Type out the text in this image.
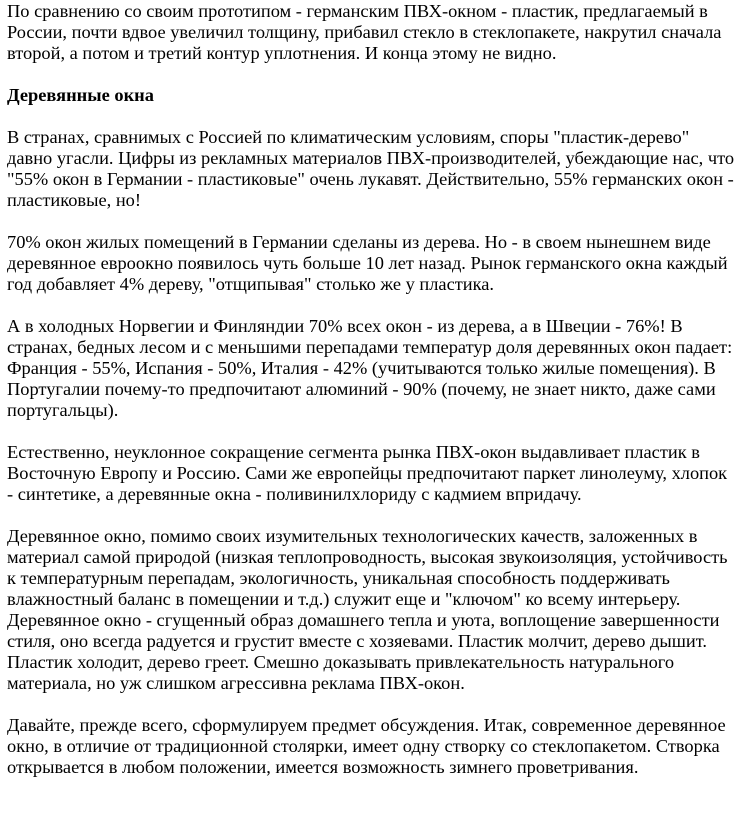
По сравнению со своим прототипом - германским ПВХ-окном - пластик, предлагаемый в России, почти вдвое увеличил толщину, прибавил стекло в стеклопакете, накрутил сначала второй, а потом и третий контур уплотнения. И конца этому не видно.

Деревянные окна

В странах, сравнимых с Россией по климатическим условиям, споры "пластик-дерево" давно угасли. Цифры из рекламных материалов ПВХ-производителей, убеждающие нас, что "55% окон в Германии - пластиковые" очень лукавят. Действительно, 55% германских окон - пластиковые, но!

70% окон жилых помещений в Германии сделаны из дерева. Но - в своем нынешнем виде деревянное евроокно появилось чуть больше 10 лет назад. Рынок германского окна каждый год добавляет 4% дереву, "отщипывая" столько же у пластика.

А в холодных Норвегии и Финляндии 70% всех окон - из дерева, а в Швеции - 76%! В странах, бедных лесом и с меньшими перепадами температур доля деревянных окон падает: Франция - 55%, Испания - 50%, Италия - 42% (учитываются только жилые помещения). В Португалии почему-то предпочитают алюминий - 90% (почему, не знает никто, даже сами португальцы).

Естественно, неуклонное сокращение сегмента рынка ПВХ-окон выдавливает пластик в Восточную Европу и Россию. Сами же европейцы предпочитают паркет линолеуму, хлопок - синтетике, а деревянные окна - поливинилхлориду с кадмием впридачу.

Деревянное окно, помимо своих изумительных технологических качеств, заложенных в материал самой природой (низкая теплопроводность, высокая звукоизоляция, устойчивость к температурным перепадам, экологичность, уникальная способность поддерживать влажностный баланс в помещении и т.д.) служит еще и "ключом" ко всему интерьеру. Деревянное окно - сгущенный образ домашнего тепла и уюта, воплощение завершенности стиля, оно всегда радуется и грустит вместе с хозяевами. Пластик молчит, дерево дышит. Пластик холодит, дерево греет. Смешно доказывать привлекательность натурального материала, но уж слишком агрессивна реклама ПВХ-окон.

Давайте, прежде всего, сформулируем предмет обсуждения. Итак, современное деревянное окно, в отличие от традиционной столярки, имеет одну створку со стеклопакетом. Створка открывается в любом положении, имеется возможность зимнего проветривания.
